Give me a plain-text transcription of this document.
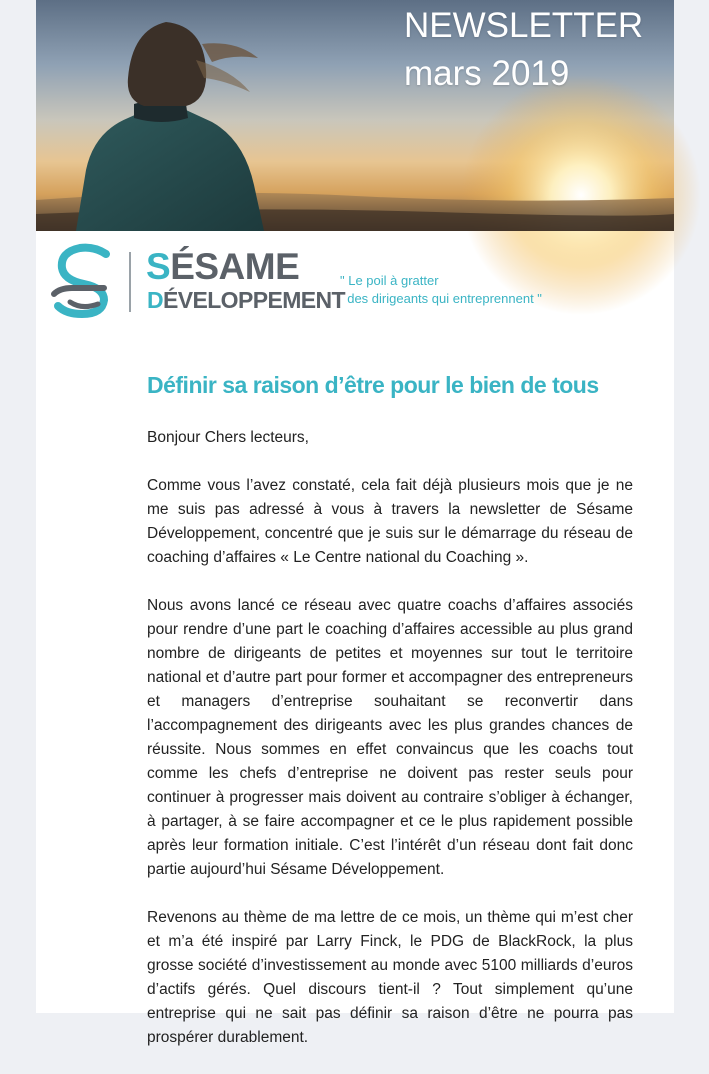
NEWSLETTER
mars 2019
SÉSAME
DÉVELOPPEMENT
" Le poil à gratter
des dirigeants qui entreprennent "
Définir sa raison d’être pour le bien de tous

Bonjour Chers lecteurs,

Comme vous l’avez constaté, cela fait déjà plusieurs mois que je ne me suis pas adressé à vous à travers la newsletter de Sésame Développement, concentré que je suis sur le démarrage du réseau de coaching d’affaires « Le Centre national du Coaching ».

Nous avons lancé ce réseau avec quatre coachs d’affaires associés pour rendre d’une part le coaching d’affaires accessible au plus grand nombre de dirigeants de petites et moyennes sur tout le territoire national et d’autre part pour former et accompagner des entrepreneurs et managers d’entreprise souhaitant se reconvertir dans l’accompagnement des dirigeants avec les plus grandes chances de réussite. Nous sommes en effet convaincus que les coachs tout comme les chefs d’entreprise ne doivent pas rester seuls pour continuer à progresser mais doivent au contraire s’obliger à échanger, à partager, à se faire accompagner et ce le plus rapidement possible après leur formation initiale. C’est l’intérêt d’un réseau dont fait donc partie aujourd’hui Sésame Développement.

Revenons au thème de ma lettre de ce mois, un thème qui m’est cher et m’a été inspiré par Larry Finck, le PDG de BlackRock, la plus grosse société d’investissement au monde avec 5100 milliards d’euros d’actifs gérés. Quel discours tient-il ? Tout simplement qu’une entreprise qui ne sait pas définir sa raison d’être ne pourra pas prospérer durablement.
